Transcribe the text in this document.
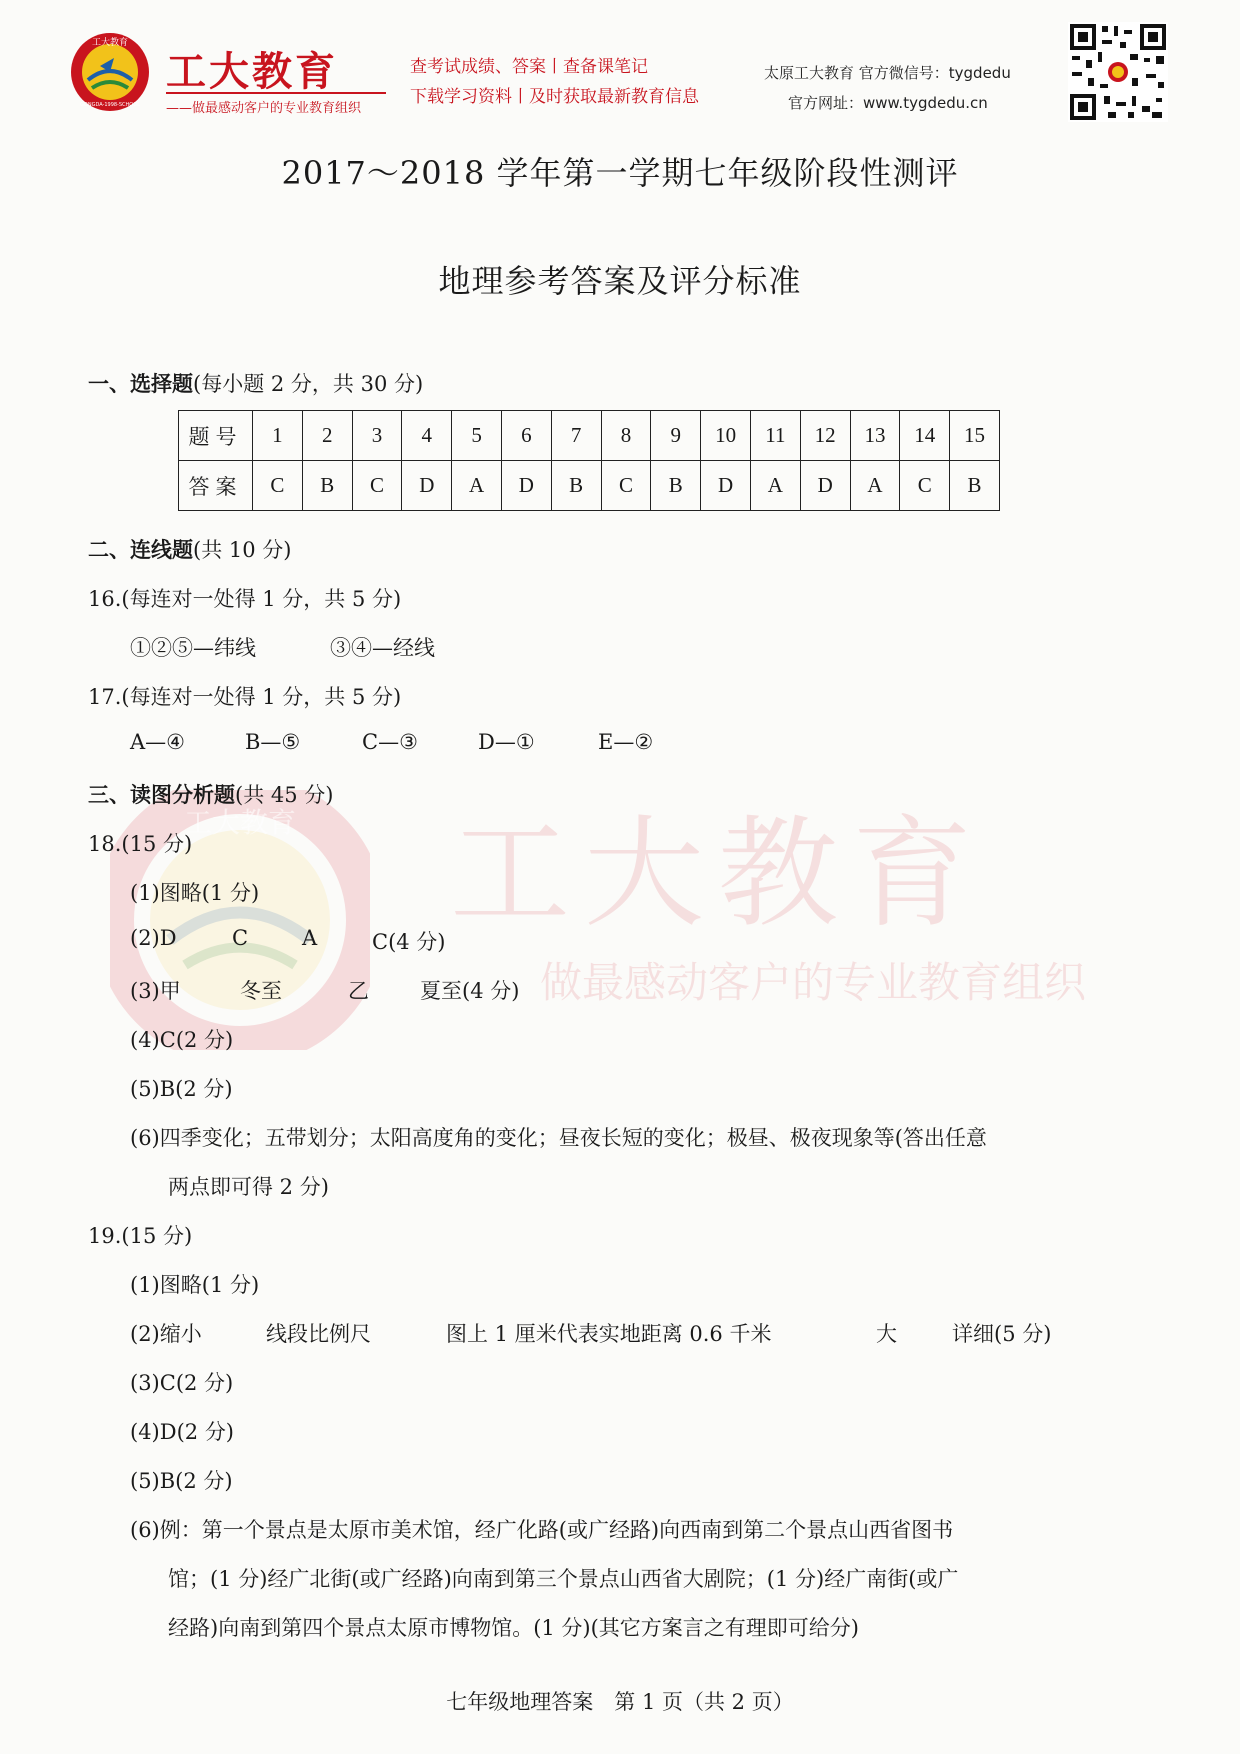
工大教育
GONGDA-1998-SCHOOL
工大教育
——做最感动客户的专业教育组织
查考试成绩、答案丨查备课笔记
下载学习资料丨及时获取最新教育信息
太原工大教育 官方微信号：tygdedu
官方网址：www.tygdedu.cn
工大教育 工大教育
做最感动客户的专业教育组织
2017～2018 学年第一学期七年级阶段性测评
地理参考答案及评分标准
一、选择题(每小题 2 分，共 30 分)
题号	1	2	3	4	5	6	7	8	9	10	11	12	13	14	15
答案	C	B	C	D	A	D	B	C	B	D	A	D	A	C	B
二、连线题(共 10 分)
16.(每连对一处得 1 分，共 5 分)
①②⑤—纬线	③④—经线
17.(每连对一处得 1 分，共 5 分)
A—④	B—⑤	C—③	D—①	E—②
三、读图分析题(共 45 分)
18.(15 分)
(1)图略(1 分)
(2)D	C	A	C(4 分)
(3)甲	冬至	乙 夏至(4 分)
(4)C(2 分)
(5)B(2 分)
(6)四季变化；五带划分；太阳高度角的变化；昼夜长短的变化；极昼、极夜现象等(答出任意
两点即可得 2 分)
19.(15 分)
(1)图略(1 分)
(2)缩小	线段比例尺	图上 1 厘米代表实地距离 0.6 千米	大	详细(5 分)
(3)C(2 分)
(4)D(2 分)
(5)B(2 分)
(6)例：第一个景点是太原市美术馆，经广化路(或广经路)向西南到第二个景点山西省图书
馆；(1 分)经广北街(或广经路)向南到第三个景点山西省大剧院；(1 分)经广南街(或广
经路)向南到第四个景点太原市博物馆。(1 分)(其它方案言之有理即可给分)
七年级地理答案　第 1 页（共 2 页）
